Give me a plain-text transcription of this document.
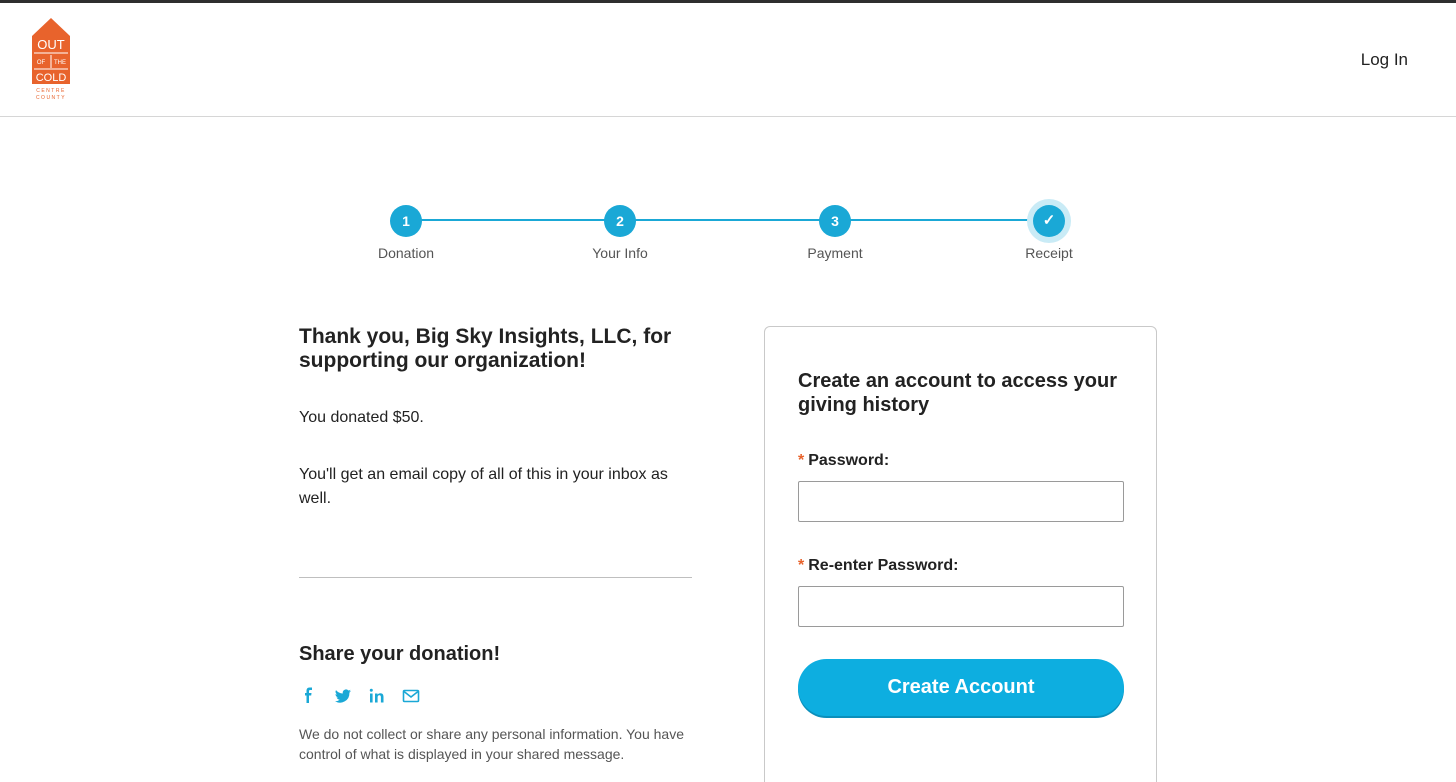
OUT
OF THE
COLD
CENTRE
COUNTY
Log In
1
Donation
2
Your Info
3
Payment
✓
Receipt
Thank you, Big Sky Insights, LLC, for supporting our organization!
You donated $50.
You'll get an email copy of all of this in your inbox as well.
Share your donation!
We do not collect or share any personal information. You have control of what is displayed in your shared message.
Create an account to access your giving history
* Password:
* Re-enter Password:
Create Account
